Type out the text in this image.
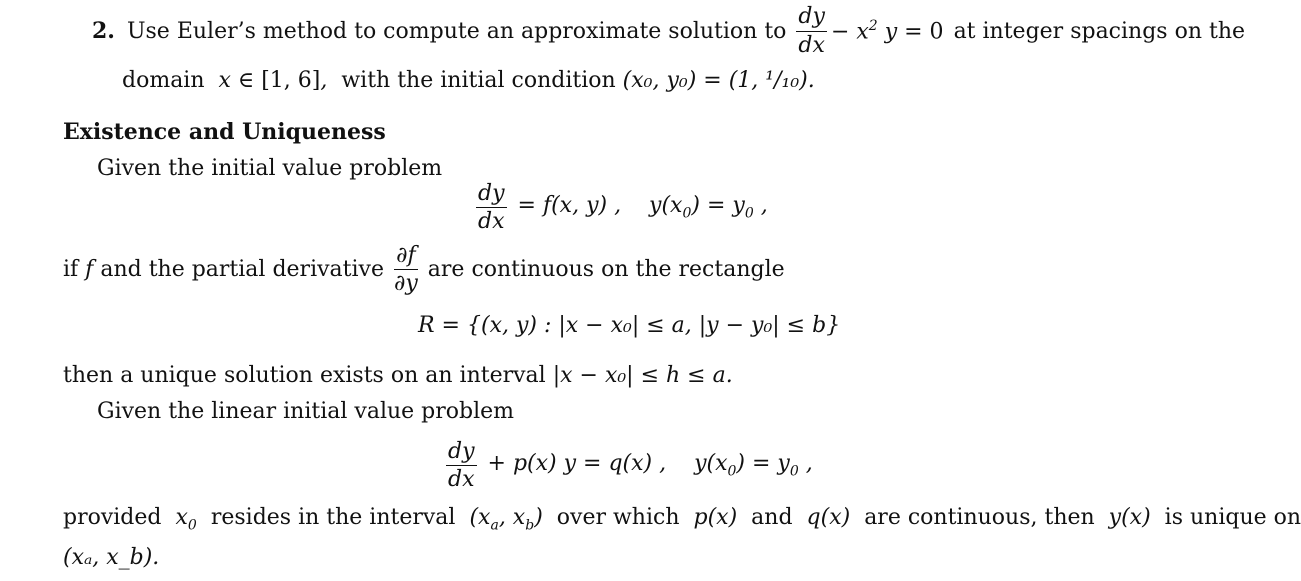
2. Use Euler’s method to compute an approximate solution to $\frac{dy}{dx} - x^2$ y = 0 at integer spacings on the
domain  x ∈ [1, 6],  with the initial condition (x₀, y₀) = (1, ¹/₁₀).
Existence and Uniqueness
Given the initial value problem
$\frac{dy}{dx} = f(x$, y) ,    $y(x_0) = y_0$ ,
if f and the partial derivative $\frac{\partial f}{\partial y}$ are continuous on the rectangle
R = {(x, y) : |x − x₀| ≤ a, |y − y₀| ≤ b}
then a unique solution exists on an interval |x − x₀| ≤ h ≤ a.
Given the linear initial value problem
$\frac{dy}{dx} + p(x) y = q(x)$ ,    $y(x_0) = y_0$ ,
provided  $x_0$ resides in the interval  ($x_a$, $x_b$)  over which  p(x)  and  q(x)  are continuous, then  y(x)  is unique on
(xₐ, x_b).
